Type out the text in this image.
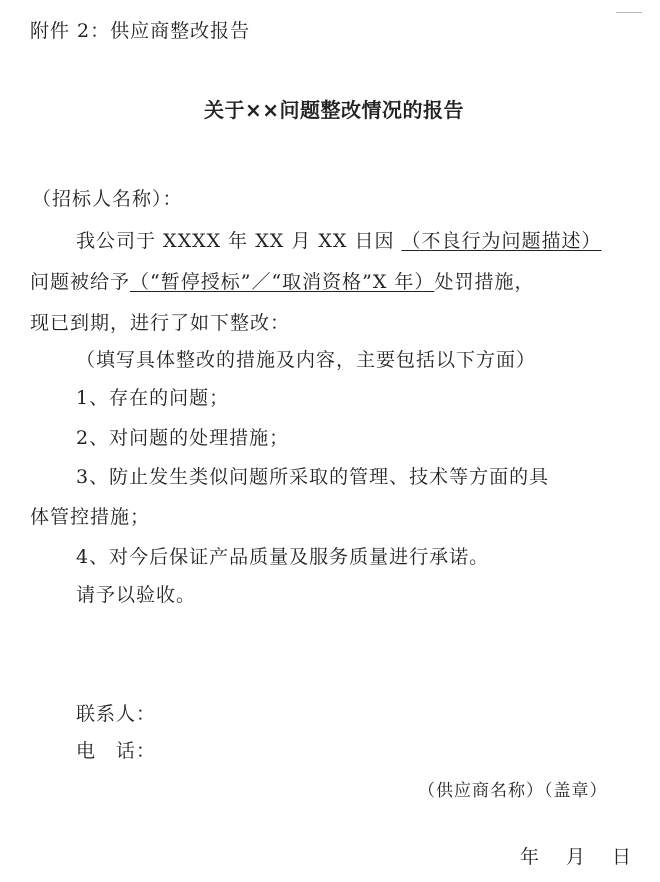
附件 2：供应商整改报告
关于××问题整改情况的报告
（招标人名称）：
我公司于 XXXX 年 XX 月 XX 日因 （不良行为问题描述）
问题被给予（“暂停授标”／“取消资格”X 年）处罚措施，
现已到期，进行了如下整改：
（填写具体整改的措施及内容，主要包括以下方面）
1、存在的问题；
2、对问题的处理措施；
3、防止发生类似问题所采取的管理、技术等方面的具
体管控措施；
4、对今后保证产品质量及服务质量进行承诺。
请予以验收。
联系人：
电　话：
（供应商名称）（盖章）
年　月　日
